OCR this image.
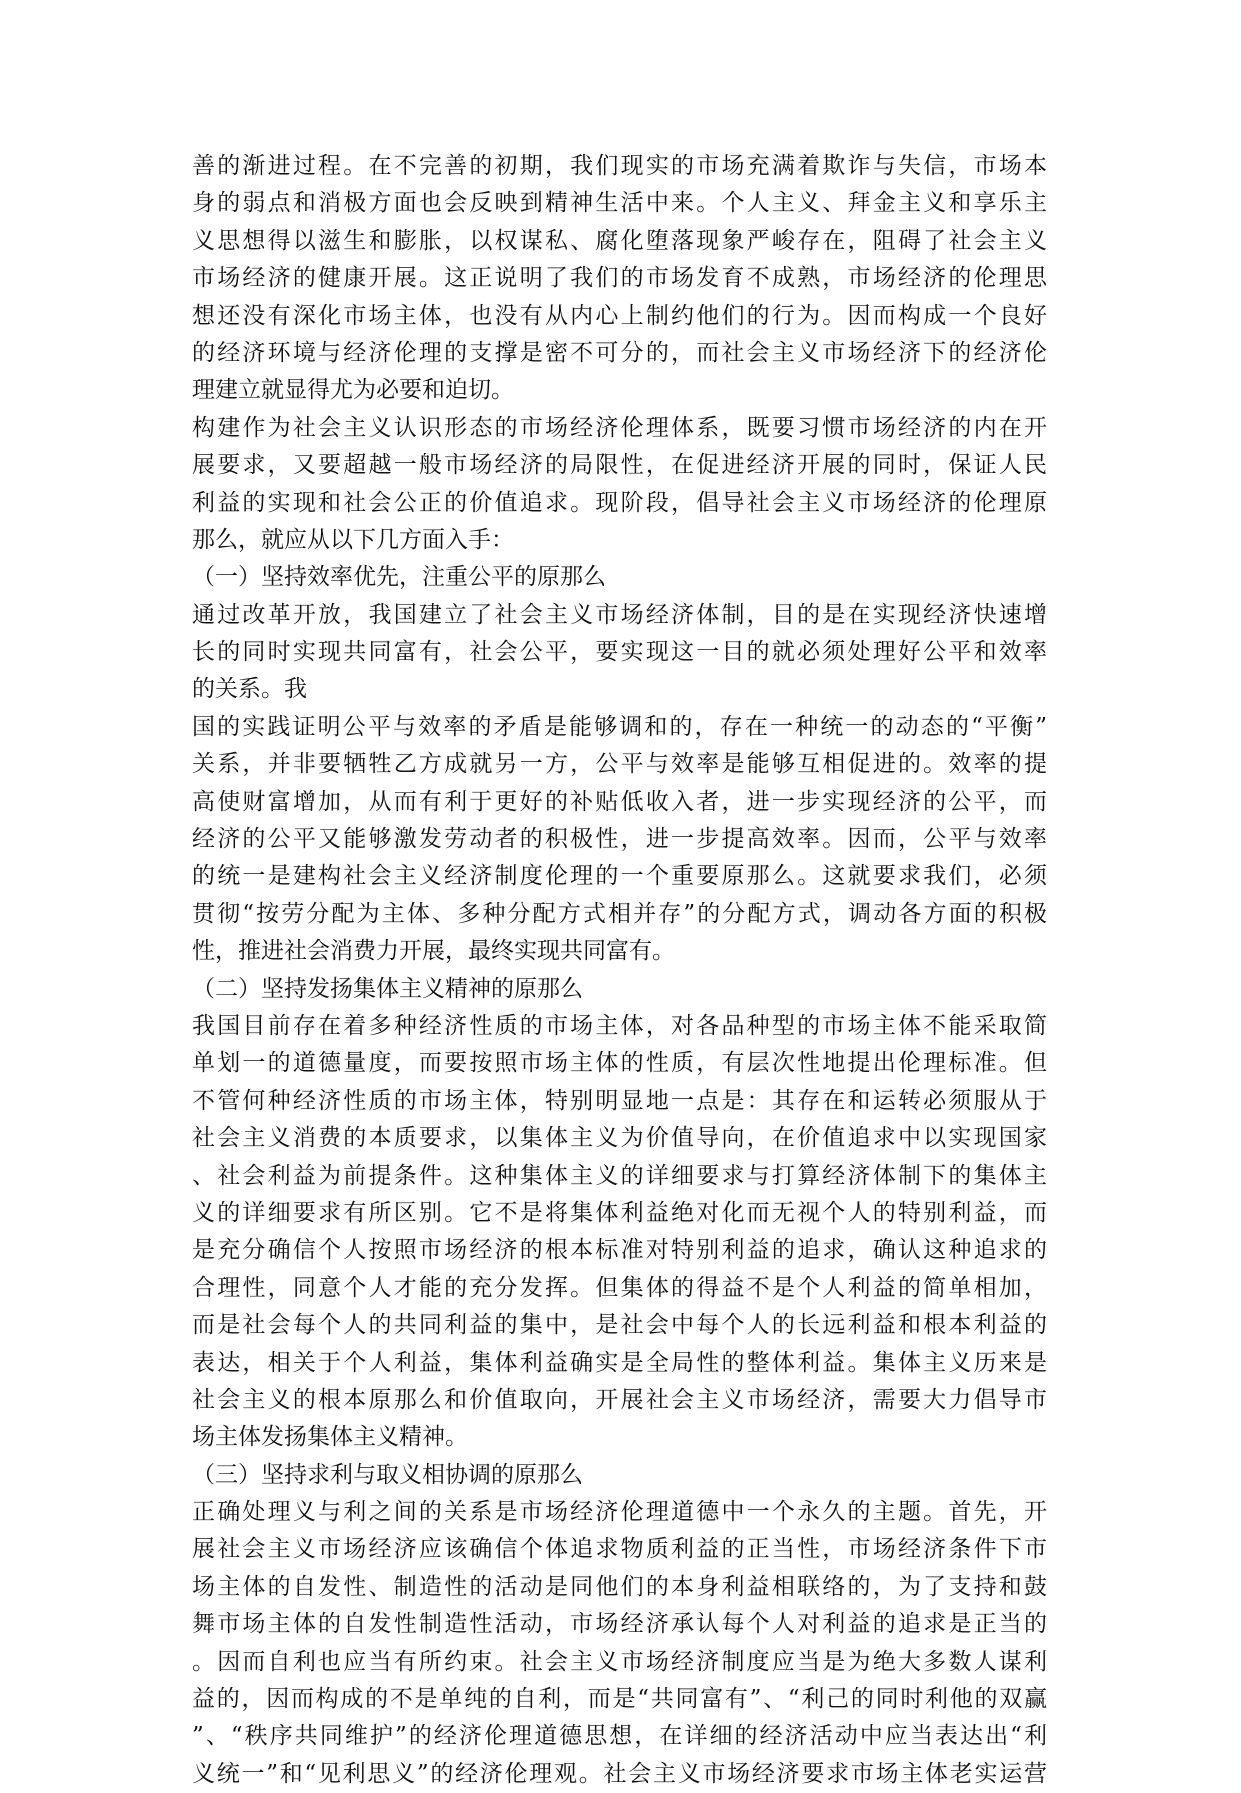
善的渐进过程。在不完善的初期，我们现实的市场充满着欺诈与失信，市场本
身的弱点和消极方面也会反映到精神生活中来。个人主义、拜金主义和享乐主
义思想得以滋生和膨胀，以权谋私、腐化堕落现象严峻存在，阻碍了社会主义
市场经济的健康开展。这正说明了我们的市场发育不成熟，市场经济的伦理思
想还没有深化市场主体，也没有从内心上制约他们的行为。因而构成一个良好
的经济环境与经济伦理的支撑是密不可分的，而社会主义市场经济下的经济伦
理建立就显得尤为必要和迫切。
构建作为社会主义认识形态的市场经济伦理体系，既要习惯市场经济的内在开
展要求，又要超越一般市场经济的局限性，在促进经济开展的同时，保证人民
利益的实现和社会公正的价值追求。现阶段，倡导社会主义市场经济的伦理原
那么，就应从以下几方面入手：
（一）坚持效率优先，注重公平的原那么
通过改革开放，我国建立了社会主义市场经济体制，目的是在实现经济快速增
长的同时实现共同富有，社会公平，要实现这一目的就必须处理好公平和效率
的关系。我
国的实践证明公平与效率的矛盾是能够调和的，存在一种统一的动态的“平衡”
关系，并非要牺牲乙方成就另一方，公平与效率是能够互相促进的。效率的提
高使财富增加，从而有利于更好的补贴低收入者，进一步实现经济的公平，而
经济的公平又能够激发劳动者的积极性，进一步提高效率。因而，公平与效率
的统一是建构社会主义经济制度伦理的一个重要原那么。这就要求我们，必须
贯彻“按劳分配为主体、多种分配方式相并存”的分配方式，调动各方面的积极
性，推进社会消费力开展，最终实现共同富有。
（二）坚持发扬集体主义精神的原那么
我国目前存在着多种经济性质的市场主体，对各品种型的市场主体不能采取简
单划一的道德量度，而要按照市场主体的性质，有层次性地提出伦理标准。但
不管何种经济性质的市场主体，特别明显地一点是：其存在和运转必须服从于
社会主义消费的本质要求，以集体主义为价值导向，在价值追求中以实现国家
、社会利益为前提条件。这种集体主义的详细要求与打算经济体制下的集体主
义的详细要求有所区别。它不是将集体利益绝对化而无视个人的特别利益，而
是充分确信个人按照市场经济的根本标准对特别利益的追求，确认这种追求的
合理性，同意个人才能的充分发挥。但集体的得益不是个人利益的简单相加，
而是社会每个人的共同利益的集中，是社会中每个人的长远利益和根本利益的
表达，相关于个人利益，集体利益确实是全局性的整体利益。集体主义历来是
社会主义的根本原那么和价值取向，开展社会主义市场经济，需要大力倡导市
场主体发扬集体主义精神。
（三）坚持求利与取义相协调的原那么
正确处理义与利之间的关系是市场经济伦理道德中一个永久的主题。首先，开
展社会主义市场经济应该确信个体追求物质利益的正当性，市场经济条件下市
场主体的自发性、制造性的活动是同他们的本身利益相联络的，为了支持和鼓
舞市场主体的自发性制造性活动，市场经济承认每个人对利益的追求是正当的
。因而自利也应当有所约束。社会主义市场经济制度应当是为绝大多数人谋利
益的，因而构成的不是单纯的自利，而是“共同富有”、“利己的同时利他的双赢
”、“秩序共同维护”的经济伦理道德思想，在详细的经济活动中应当表达出“利
义统一”和“见利思义”的经济伦理观。社会主义市场经济要求市场主体老实运营
